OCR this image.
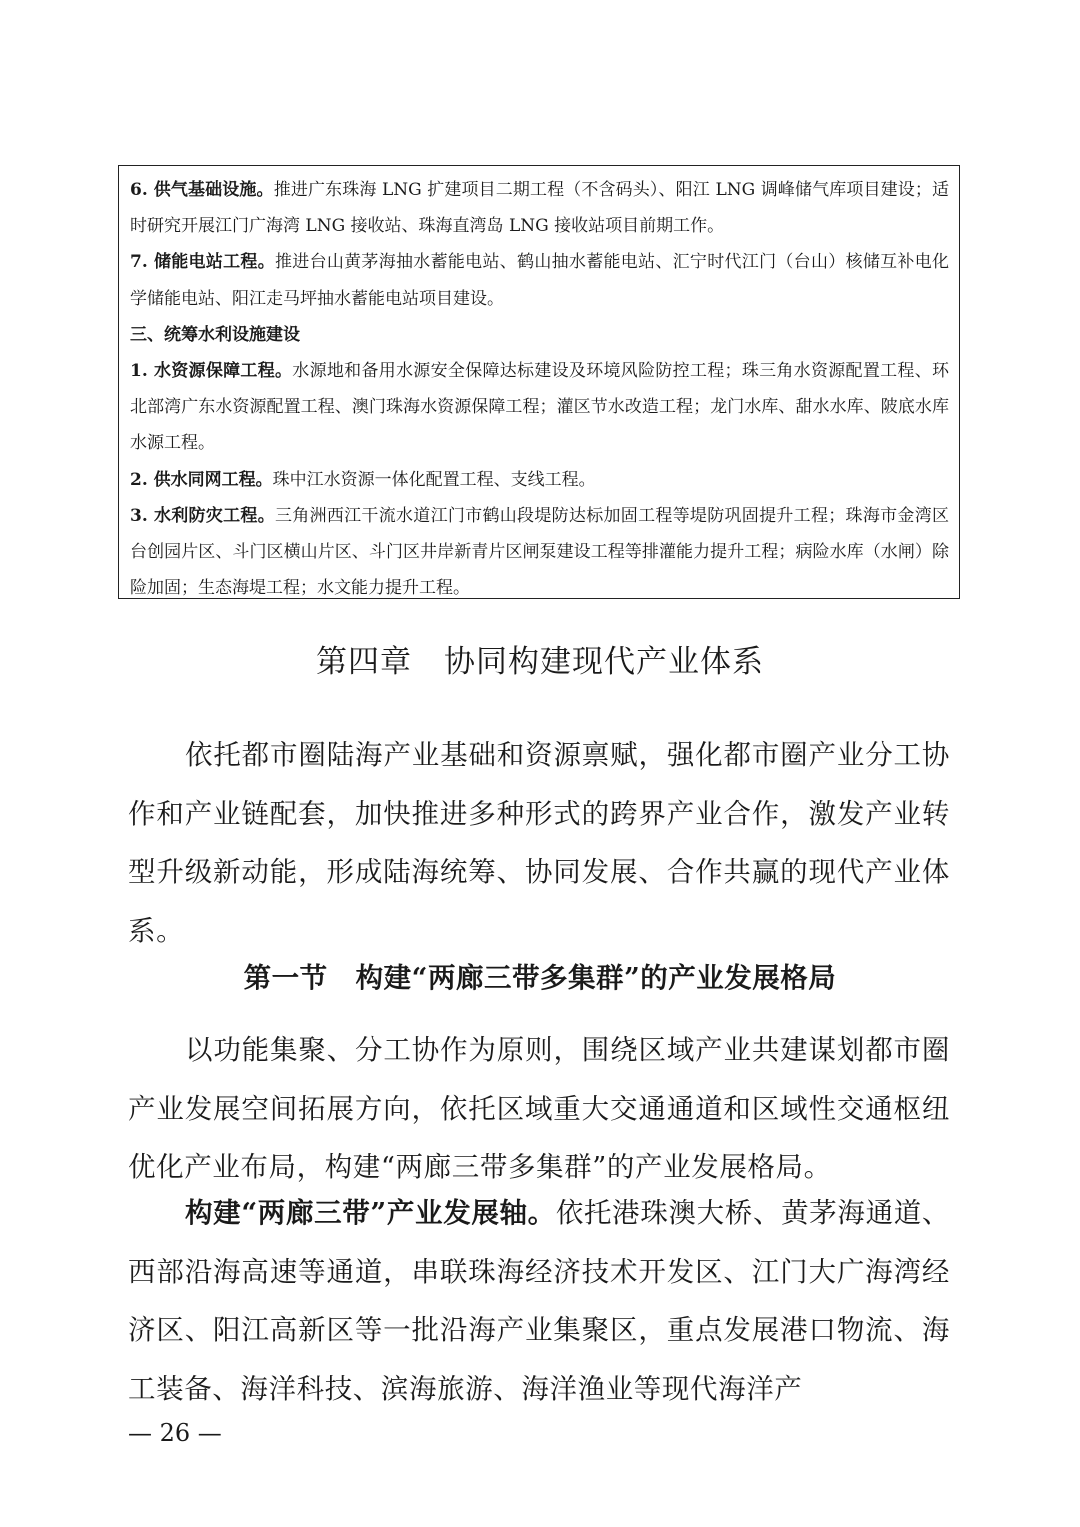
6. 供气基础设施。推进广东珠海 LNG 扩建项目二期工程（不含码头）、阳江 LNG 调峰储气库项目建设；适时研究开展江门广海湾 LNG 接收站、珠海直湾岛 LNG 接收站项目前期工作。

7. 储能电站工程。推进台山黄茅海抽水蓄能电站、鹤山抽水蓄能电站、汇宁时代江门（台山）核储互补电化学储能电站、阳江走马坪抽水蓄能电站项目建设。

三、统筹水利设施建设

1. 水资源保障工程。水源地和备用水源安全保障达标建设及环境风险防控工程；珠三角水资源配置工程、环北部湾广东水资源配置工程、澳门珠海水资源保障工程；灌区节水改造工程；龙门水库、甜水水库、陂底水库水源工程。

2. 供水同网工程。珠中江水资源一体化配置工程、支线工程。

3. 水利防灾工程。三角洲西江干流水道江门市鹤山段堤防达标加固工程等堤防巩固提升工程；珠海市金湾区台创园片区、斗门区横山片区、斗门区井岸新青片区闸泵建设工程等排灌能力提升工程；病险水库（水闸）除险加固；生态海堤工程；水文能力提升工程。

第四章　协同构建现代产业体系

依托都市圈陆海产业基础和资源禀赋，强化都市圈产业分工协作和产业链配套，加快推进多种形式的跨界产业合作，激发产业转型升级新动能，形成陆海统筹、协同发展、合作共赢的现代产业体系。

第一节　构建“两廊三带多集群”的产业发展格局

以功能集聚、分工协作为原则，围绕区域产业共建谋划都市圈产业发展空间拓展方向，依托区域重大交通通道和区域性交通枢纽优化产业布局，构建“两廊三带多集群”的产业发展格局。

构建“两廊三带”产业发展轴。依托港珠澳大桥、黄茅海通道、西部沿海高速等通道，串联珠海经济技术开发区、江门大广海湾经济区、阳江高新区等一批沿海产业集聚区，重点发展港口物流、海工装备、海洋科技、滨海旅游、海洋渔业等现代海洋产

— 26 —
